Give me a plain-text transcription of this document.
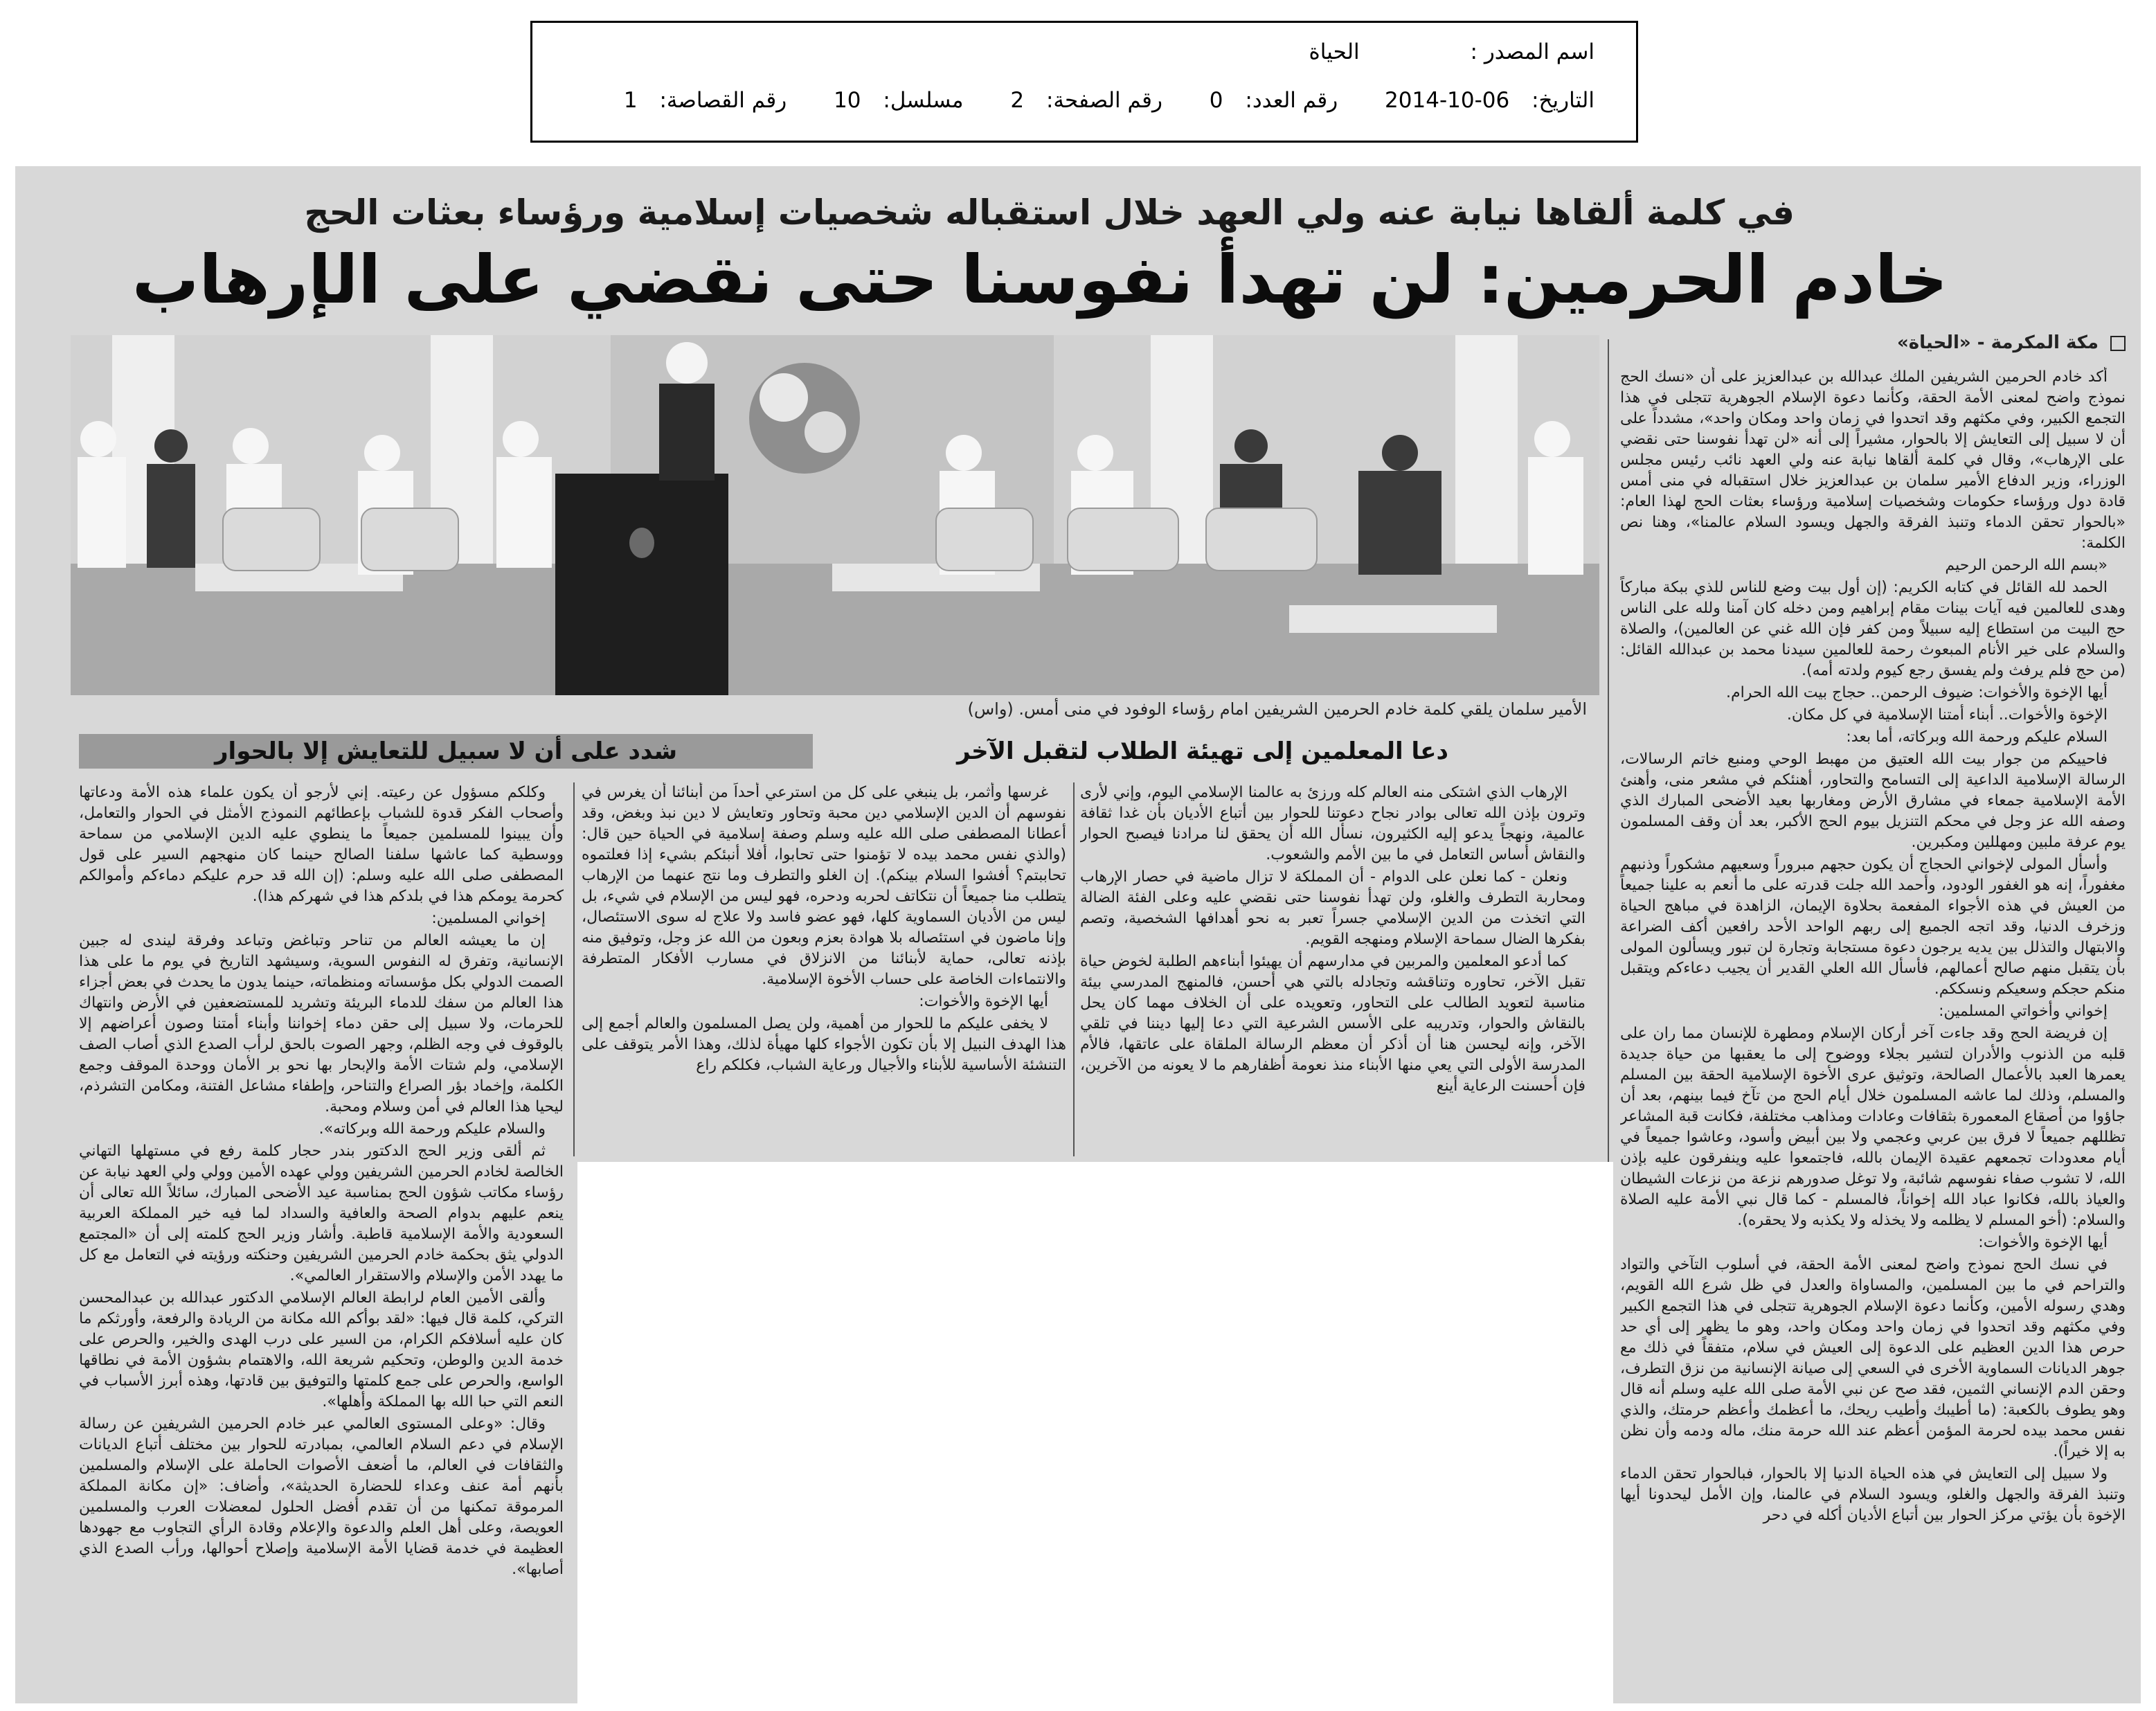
اسم المصدر : الحياة
التاريخ: 2014-10-06 رقم العدد: 0 رقم الصفحة: 2 مسلسل: 10 رقم القصاصة: 1
في كلمة ألقاها نيابة عنه ولي العهد خلال استقباله شخصيات إسلامية ورؤساء بعثات الحج
خادم الحرمين: لن تهدأ نفوسنا حتى نقضي على الإرهاب
مكة المكرمة - «الحياة»
الأمير سلمان يلقي كلمة خادم الحرمين الشريفين امام رؤساء الوفود في منى أمس. (واس)
شدد على أن لا سبيل للتعايش إلا بالحوار	دعا المعلمين إلى تهيئة الطلاب لتقبل الآخر

أكد خادم الحرمين الشريفين الملك عبدالله بن عبدالعزيز على أن «نسك الحج نموذج واضح لمعنى الأمة الحقة، وكأنما دعوة الإسلام الجوهرية تتجلى في هذا التجمع الكبير، وفي مكثهم وقد اتحدوا في زمان واحد ومكان واحد»، مشدداً على أن لا سبيل إلى التعايش إلا بالحوار، مشيراً إلى أنه «لن تهدأ نفوسنا حتى نقضي على الإرهاب»، وقال في كلمة ألقاها نيابة عنه ولي العهد نائب رئيس مجلس الوزراء، وزير الدفاع الأمير سلمان بن عبدالعزيز خلال استقباله في منى أمس قادة دول ورؤساء حكومات وشخصيات إسلامية ورؤساء بعثات الحج لهذا العام: «بالحوار تحقن الدماء وتنبذ الفرقة والجهل ويسود السلام عالمنا»، وهنا نص الكلمة:

«بسم الله الرحمن الرحيم

الحمد لله القائل في كتابه الكريم: (إن أول بيت وضع للناس للذي ببكة مباركاً وهدى للعالمين فيه آيات بينات مقام إبراهيم ومن دخله كان آمنا ولله على الناس حج البيت من استطاع إليه سبيلاً ومن كفر فإن الله غني عن العالمين)، والصلاة والسلام على خير الأنام المبعوث رحمة للعالمين سيدنا محمد بن عبدالله القائل: (من حج فلم يرفث ولم يفسق رجع كيوم ولدته أمه).

أيها الإخوة والأخوات: ضيوف الرحمن.. حجاج بيت الله الحرام.

الإخوة والأخوات.. أبناء أمتنا الإسلامية في كل مكان.

السلام عليكم ورحمة الله وبركاته، أما بعد:

فاحييكم من جوار بيت الله العتيق من مهبط الوحي ومنبع خاتم الرسالات، الرسالة الإسلامية الداعية إلى التسامح والتحاور، أهنئكم في مشعر منى، وأهنئ الأمة الإسلامية جمعاء في مشارق الأرض ومغاربها بعيد الأضحى المبارك الذي وصفه الله عز وجل في محكم التنزيل بيوم الحج الأكبر، بعد أن وقف المسلمون يوم عرفة ملبين ومهللين ومكبرين.

وأسأل المولى لإخواني الحجاج أن يكون حجهم مبروراً وسعيهم مشكوراً وذنبهم مغفوراً، إنه هو الغفور الودود، وأحمد الله جلت قدرته على ما أنعم به علينا جميعاً من العيش في هذه الأجواء المفعمة بحلاوة الإيمان، الزاهدة في مباهج الحياة وزخرف الدنيا، وقد اتجه الجميع إلى ربهم الواحد الأحد رافعين أكف الضراعة والابتهال والتذلل بين يديه يرجون دعوة مستجابة وتجارة لن تبور ويسألون المولى بأن يتقبل منهم صالح أعمالهم، فأسأل الله العلي القدير أن يجيب دعاءكم ويتقبل منكم حجكم وسعيكم ونسككم.

إخواني وأخواتي المسلمين:

إن فريضة الحج وقد جاءت آخر أركان الإسلام ومطهرة للإنسان مما ران على قلبه من الذنوب والأدران لتشير بجلاء ووضوح إلى ما يعقبها من حياة جديدة يعمرها العبد بالأعمال الصالحة، وتوثيق عرى الأخوة الإسلامية الحقة بين المسلم والمسلم، وذلك لما عاشه المسلمون خلال أيام الحج من تآخ فيما بينهم، بعد أن جاؤوا من أصقاع المعمورة بثقافات وعادات ومذاهب مختلفة، فكانت قبة المشاعر تظللهم جميعاً لا فرق بين عربي وعجمي ولا بين أبيض وأسود، وعاشوا جميعاً في أيام معدودات تجمعهم عقيدة الإيمان بالله، فاجتمعوا عليه وينفرقون عليه بإذن الله، لا تشوب صفاء نفوسهم شائبة، ولا توغل صدورهم نزعة من نزعات الشيطان والعياذ بالله، فكانوا عباد الله إخواناً، فالمسلم - كما قال نبي الأمة عليه الصلاة والسلام: (أخو المسلم لا يظلمه ولا يخذله ولا يكذبه ولا يحقره).

أيها الإخوة والأخوات:

في نسك الحج نموذج واضح لمعنى الأمة الحقة، في أسلوب التآخي والتواد والتراحم في ما بين المسلمين، والمساواة والعدل في ظل شرع الله القويم، وهدي رسوله الأمين، وكأنما دعوة الإسلام الجوهرية تتجلى في هذا التجمع الكبير وفي مكثهم وقد اتحدوا في زمان واحد ومكان واحد، وهو ما يظهر إلى أي حد حرص هذا الدين العظيم على الدعوة إلى العيش في سلام، متفقاً في ذلك مع جوهر الديانات السماوية الأخرى في السعي إلى صيانة الإنسانية من نزق التطرف، وحقن الدم الإنساني الثمين، فقد صح عن نبي الأمة صلى الله عليه وسلم أنه قال وهو يطوف بالكعبة: (ما أطيبك وأطيب ريحك، ما أعظمك وأعظم حرمتك، والذي نفس محمد بيده لحرمة المؤمن أعظم عند الله حرمة منك، ماله ودمه وأن نظن به إلا خيراً).

ولا سبيل إلى التعايش في هذه الحياة الدنيا إلا بالحوار، فبالحوار تحقن الدماء وتنبذ الفرقة والجهل والغلو، ويسود السلام في عالمنا، وإن الأمل ليحدونا أيها الإخوة بأن يؤتي مركز الحوار بين أتباع الأديان أكله في دحر

الإرهاب الذي اشتكى منه العالم كله ورزئ به عالمنا الإسلامي اليوم، وإني لأرى وترون بإذن الله تعالى بوادر نجاح دعوتنا للحوار بين أتباع الأديان بأن غدا ثقافة عالمية، ونهجاً يدعو إليه الكثيرون، نسأل الله أن يحقق لنا مرادنا فيصبح الحوار والنقاش أساس التعامل في ما بين الأمم والشعوب.

ونعلن - كما نعلن على الدوام - أن المملكة لا تزال ماضية في حصار الإرهاب ومحاربة التطرف والغلو، ولن تهدأ نفوسنا حتى نقضي عليه وعلى الفئة الضالة التي اتخذت من الدين الإسلامي جسراً تعبر به نحو أهدافها الشخصية، وتصم بفكرها الضال سماحة الإسلام ومنهجه القويم.

كما أدعو المعلمين والمربين في مدارسهم أن يهيئوا أبناءهم الطلبة لخوض حياة تقبل الآخر، تحاوره وتناقشه وتجادله بالتي هي أحسن، فالمنهج المدرسي بيئة مناسبة لتعويد الطالب على التحاور، وتعويده على أن الخلاف مهما كان يحل بالنقاش والحوار، وتدريبه على الأسس الشرعية التي دعا إليها ديننا في تلقي الآخر، وإنه ليحسن هنا أن أذكر أن معظم الرسالة الملقاة على عاتقها، فالأم المدرسة الأولى التي يعي منها الأبناء منذ نعومة أظفارهم ما لا يعونه من الآخرين، فإن أحسنت الرعاية أينع

غرسها وأثمر، بل ينبغي على كل من استرعي أحداً من أبنائنا أن يغرس في نفوسهم أن الدين الإسلامي دين محبة وتحاور وتعايش لا دين نبذ وبغض، وقد أعطانا المصطفى صلى الله عليه وسلم وصفة إسلامية في الحياة حين قال: (والذي نفس محمد بيده لا تؤمنوا حتى تحابوا، أفلا أنبئكم بشيء إذا فعلتموه تحاببتم؟ أفشوا السلام بينكم). إن الغلو والتطرف وما نتج عنهما من الإرهاب يتطلب منا جميعاً أن نتكاتف لحربه ودحره، فهو ليس من الإسلام في شيء، بل ليس من الأديان السماوية كلها، فهو عضو فاسد ولا علاج له سوى الاستئصال، وإنا ماضون في استئصاله بلا هوادة بعزم وبعون من الله عز وجل، وتوفيق منه بإذنه تعالى، حماية لأبنائنا من الانزلاق في مسارب الأفكار المتطرفة والانتماءات الخاصة على حساب الأخوة الإسلامية.

أيها الإخوة والأخوات:

لا يخفى عليكم ما للحوار من أهمية، ولن يصل المسلمون والعالم أجمع إلى هذا الهدف النبيل إلا بأن تكون الأجواء كلها مهيأة لذلك، وهذا الأمر يتوقف على التنشئة الأساسية للأبناء والأجيال ورعاية الشباب، فكلكم راع

وكلكم مسؤول عن رعيته. إني لأرجو أن يكون علماء هذه الأمة ودعاتها وأصحاب الفكر قدوة للشباب بإعطائهم النموذج الأمثل في الحوار والتعامل، وأن يبينوا للمسلمين جميعاً ما ينطوي عليه الدين الإسلامي من سماحة ووسطية كما عاشها سلفنا الصالح حينما كان منهجهم السير على قول المصطفى صلى الله عليه وسلم: (إن الله قد حرم عليكم دماءكم وأموالكم كحرمة يومكم هذا في بلدكم هذا في شهركم هذا).

إخواني المسلمين:

إن ما يعيشه العالم من تناحر وتباغض وتباعد وفرقة ليندى له جبين الإنسانية، وتفرق له النفوس السوية، وسيشهد التاريخ في يوم ما على هذا الصمت الدولي بكل مؤسساته ومنظماته، حينما يدون ما يحدث في بعض أجزاء هذا العالم من سفك للدماء البريئة وتشريد للمستضعفين في الأرض وانتهاك للحرمات، ولا سبيل إلى حقن دماء إخواننا وأبناء أمتنا وصون أعراضهم إلا بالوقوف في وجه الظلم، وجهر الصوت بالحق لرأب الصدع الذي أصاب الصف الإسلامي، ولم شتات الأمة والإبحار بها نحو بر الأمان ووحدة الموقف وجمع الكلمة، وإخماد بؤر الصراع والتناحر، وإطفاء مشاعل الفتنة، ومكامن التشرذم، ليحيا هذا العالم في أمن وسلام ومحبة.

والسلام عليكم ورحمة الله وبركاته».

ثم ألقى وزير الحج الدكتور بندر حجار كلمة رفع في مستهلها التهاني الخالصة لخادم الحرمين الشريفين وولي عهده الأمين وولي ولي العهد نيابة عن رؤساء مكاتب شؤون الحج بمناسبة عيد الأضحى المبارك، سائلاً الله تعالى أن ينعم عليهم بدوام الصحة والعافية والسداد لما فيه خير المملكة العربية السعودية والأمة الإسلامية قاطبة. وأشار وزير الحج كلمته إلى أن «المجتمع الدولي يثق بحكمة خادم الحرمين الشريفين وحنكته ورؤيته في التعامل مع كل ما يهدد الأمن والإسلام والاستقرار العالمي».

وألقى الأمين العام لرابطة العالم الإسلامي الدكتور عبدالله بن عبدالمحسن التركي، كلمة قال فيها: «لقد بوأكم الله مكانة من الريادة والرفعة، وأورثكم ما كان عليه أسلافكم الكرام، من السير على درب الهدى والخير، والحرص على خدمة الدين والوطن، وتحكيم شريعة الله، والاهتمام بشؤون الأمة في نطاقها الواسع، والحرص على جمع كلمتها والتوفيق بين قادتها، وهذه أبرز الأسباب في النعم التي حبا الله بها المملكة وأهلها».

وقال: «وعلى المستوى العالمي عبر خادم الحرمين الشريفين عن رسالة الإسلام في دعم السلام العالمي، بمبادرته للحوار بين مختلف أتباع الديانات والثقافات في العالم، ما أضعف الأصوات الحاملة على الإسلام والمسلمين بأنهم أمة عنف وعداء للحضارة الحديثة»، وأضاف: «إن مكانة المملكة المرموقة تمكنها من أن تقدم أفضل الحلول لمعضلات العرب والمسلمين العويصة، وعلى أهل العلم والدعوة والإعلام وقادة الرأي التجاوب مع جهودها العظيمة في خدمة قضايا الأمة الإسلامية وإصلاح أحوالها، ورأب الصدع الذي أصابها».
